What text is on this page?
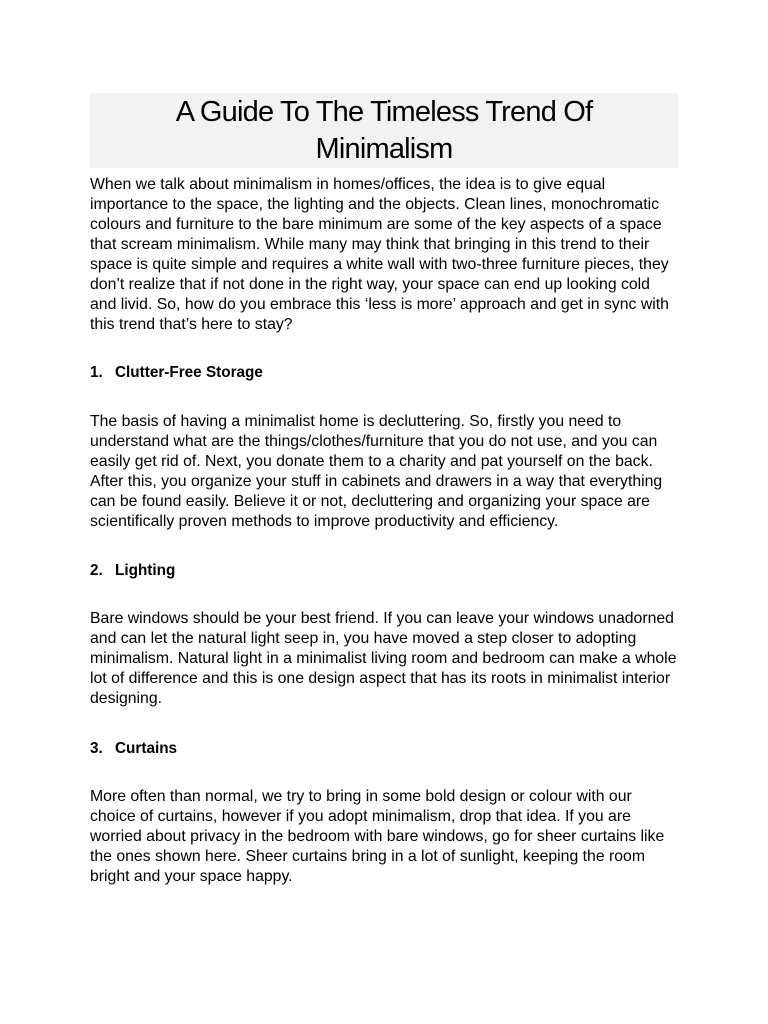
A Guide To The Timeless Trend Of Minimalism

When we talk about minimalism in homes/offices, the idea is to give equal importance to the space, the lighting and the objects. Clean lines, monochromatic colours and furniture to the bare minimum are some of the key aspects of a space that scream minimalism. While many may think that bringing in this trend to their space is quite simple and requires a white wall with two-three furniture pieces, they don’t realize that if not done in the right way, your space can end up looking cold and livid. So, how do you embrace this ‘less is more’ approach and get in sync with this trend that’s here to stay?

1. Clutter-Free Storage

The basis of having a minimalist home is decluttering. So, firstly you need to understand what are the things/clothes/furniture that you do not use, and you can easily get rid of. Next, you donate them to a charity and pat yourself on the back. After this, you organize your stuff in cabinets and drawers in a way that everything can be found easily. Believe it or not, decluttering and organizing your space are scientifically proven methods to improve productivity and efficiency.

2. Lighting

Bare windows should be your best friend. If you can leave your windows unadorned and can let the natural light seep in, you have moved a step closer to adopting minimalism. Natural light in a minimalist living room and bedroom can make a whole lot of difference and this is one design aspect that has its roots in minimalist interior designing.

3. Curtains

More often than normal, we try to bring in some bold design or colour with our choice of curtains, however if you adopt minimalism, drop that idea. If you are worried about privacy in the bedroom with bare windows, go for sheer curtains like the ones shown here. Sheer curtains bring in a lot of sunlight, keeping the room bright and your space happy.
